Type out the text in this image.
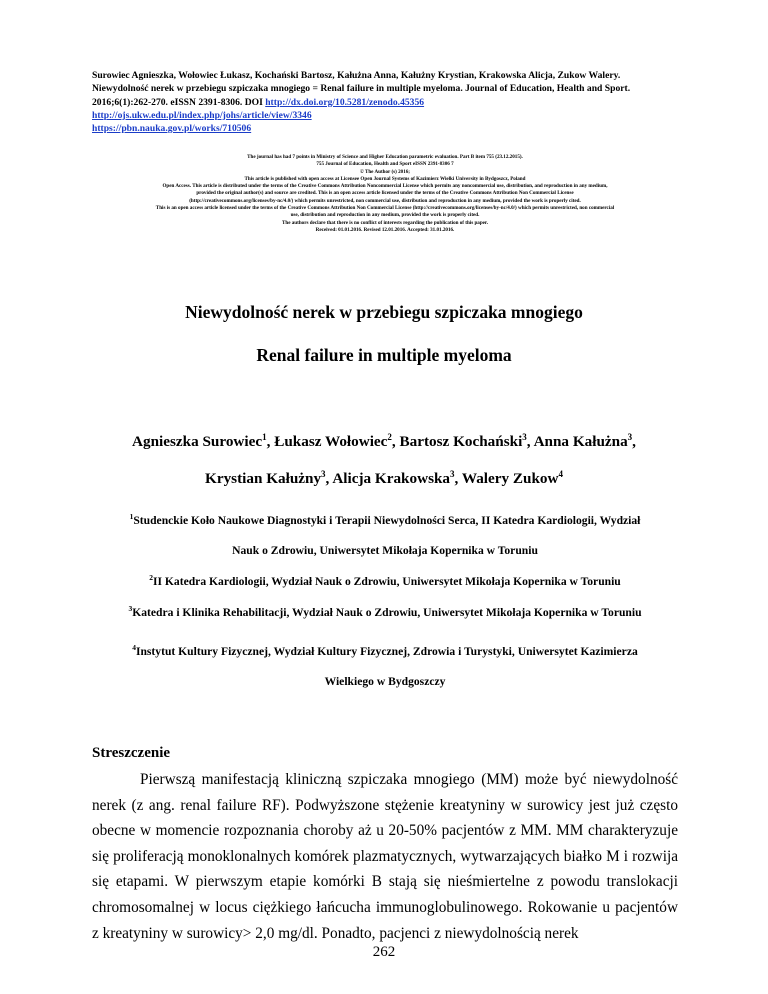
Surowiec Agnieszka, Wołowiec Łukasz, Kochański Bartosz, Kałużna Anna, Kałużny Krystian, Krakowska Alicja, Zukow Walery.
Niewydolność nerek w przebiegu szpiczaka mnogiego = Renal failure in multiple myeloma. Journal of Education, Health and Sport.
2016;6(1):262-270. eISSN 2391-8306. DOI http://dx.doi.org/10.5281/zenodo.45356
http://ojs.ukw.edu.pl/index.php/johs/article/view/3346
https://pbn.nauka.gov.pl/works/710506
The journal has had 7 points in Ministry of Science and Higher Education parametric evaluation. Part B item 755 (23.12.2015).
755 Journal of Education, Health and Sport eISSN 2391-8306 7
© The Author (s) 2016;
This article is published with open access at Licensee Open Journal Systems of Kazimierz Wielki University in Bydgoszcz, Poland
Open Access. This article is distributed under the terms of the Creative Commons Attribution Noncommercial License which permits any noncommercial use, distribution, and reproduction in any medium,
provided the original author(s) and source are credited. This is an open access article licensed under the terms of the Creative Commons Attribution Non Commercial License
(http://creativecommons.org/licenses/by-nc/4.0/) which permits unrestricted, non commercial use, distribution and reproduction in any medium, provided the work is properly cited.
This is an open access article licensed under the terms of the Creative Commons Attribution Non Commercial License (http://creativecommons.org/licenses/by-nc/4.0/) which permits unrestricted, non commercial
use, distribution and reproduction in any medium, provided the work is properly cited.
The authors declare that there is no conflict of interests regarding the publication of this paper.
Received: 01.01.2016. Revised 12.01.2016. Accepted: 31.01.2016.
Niewydolność nerek w przebiegu szpiczaka mnogiego
Renal failure in multiple myeloma
Agnieszka Surowiec$^1$, Łukasz Wołowiec$^2$, Bartosz Kochański$^3$, Anna Kałużna$^3$,
Krystian Kałużny$^3$, Alicja Krakowska$^3$, Walery Zukow$^4$
$^1$Studenckie Koło Naukowe Diagnostyki i Terapii Niewydolności Serca, II Katedra Kardiologii, Wydział
Nauk o Zdrowiu, Uniwersytet Mikołaja Kopernika w Toruniu
$^2$II Katedra Kardiologii, Wydział Nauk o Zdrowiu, Uniwersytet Mikołaja Kopernika w Toruniu
$^3$Katedra i Klinika Rehabilitacji, Wydział Nauk o Zdrowiu, Uniwersytet Mikołaja Kopernika w Toruniu
$^4$Instytut Kultury Fizycznej, Wydział Kultury Fizycznej, Zdrowia i Turystyki, Uniwersytet Kazimierza
Wielkiego w Bydgoszczy
Streszczenie

Pierwszą manifestacją kliniczną szpiczaka mnogiego (MM) może być niewydolność nerek (z ang. renal failure RF). Podwyższone stężenie kreatyniny w surowicy jest już często obecne w momencie rozpoznania choroby aż u 20-50% pacjentów z MM. MM charakteryzuje się proliferacją monoklonalnych komórek plazmatycznych, wytwarzających białko M i rozwija się etapami. W pierwszym etapie komórki B stają się nieśmiertelne z powodu translokacji chromosomalnej w locus ciężkiego łańcucha immunoglobulinowego. Rokowanie u pacjentów z kreatyniny w surowicy> 2,0 mg/dl. Ponadto, pacjenci z niewydolnością nerek

262
